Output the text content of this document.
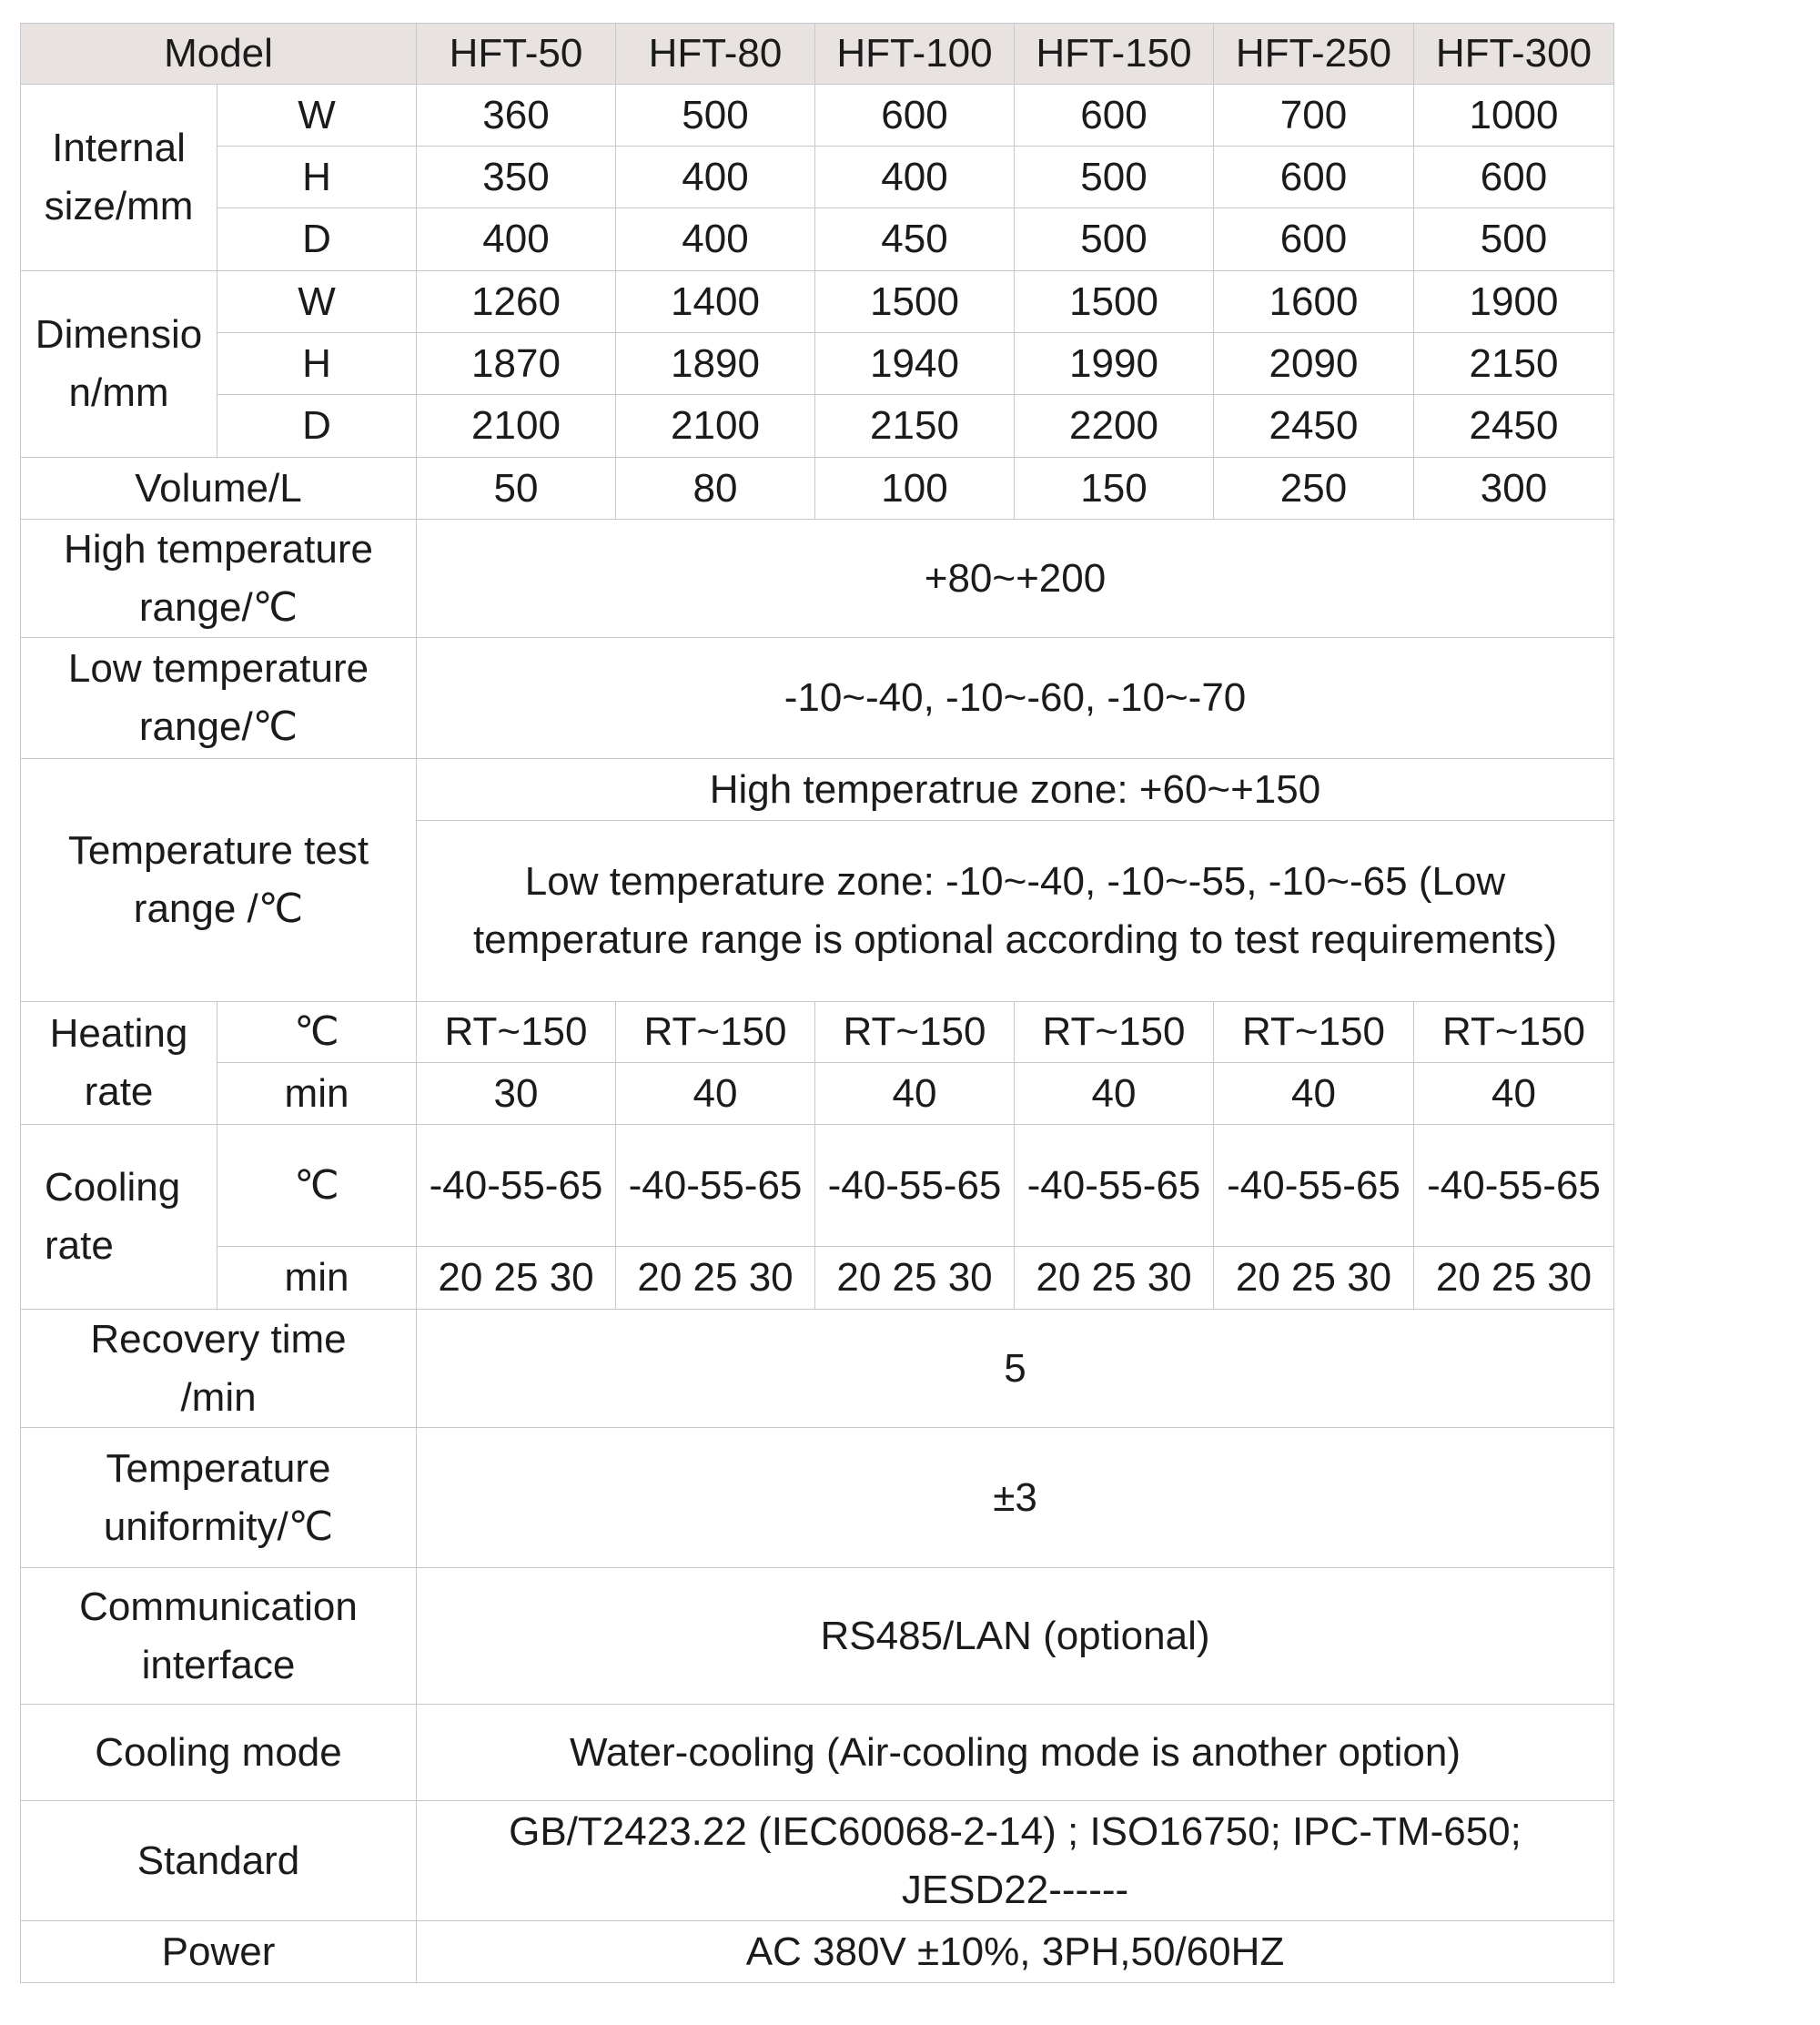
Model		HFT-50	HFT-80	HFT-100	HFT-150	HFT-250	HFT-300

Internal size/mm	W	360	500	600	600	700	1000
	H	350	400	400	500	600	600
	D	400	400	450	500	600	500

Dimension/mm	W	1260	1400	1500	1500	1600	1900
	H	1870	1890	1940	1990	2090	2150
	D	2100	2100	2150	2200	2450	2450

Volume/L		50	80	100	150	250	300

High temperature range/℃		+80~+200					

Low temperature range/℃		-10~-40, -10~-60, -10~-70					

Temperature test range /℃		High temperatrue zone: +60~+150					

		Low temperature zone: -10~-40, -10~-55, -10~-65 (Low temperature range is optional according to test requirements)					

Heating rate	℃	RT~150	RT~150	RT~150	RT~150	RT~150	RT~150
	min	30	40	40	40	40	40

Cooling rate	℃	-40-55-65	-40-55-65	-40-55-65	-40-55-65	-40-55-65	-40-55-65
	min	20 25 30	20 25 30	20 25 30	20 25 30	20 25 30	20 25 30

Recovery time /min		5					

Temperature uniformity/℃		±3					

Communication interface		RS485/LAN (optional)					

Cooling mode		Water-cooling (Air-cooling mode is another option)					

Standard		GB/T2423.22 (IEC60068-2-14) ; ISO16750; IPC-TM-650; JESD22------					

Power		AC 380V ±10%, 3PH,50/60HZ					
